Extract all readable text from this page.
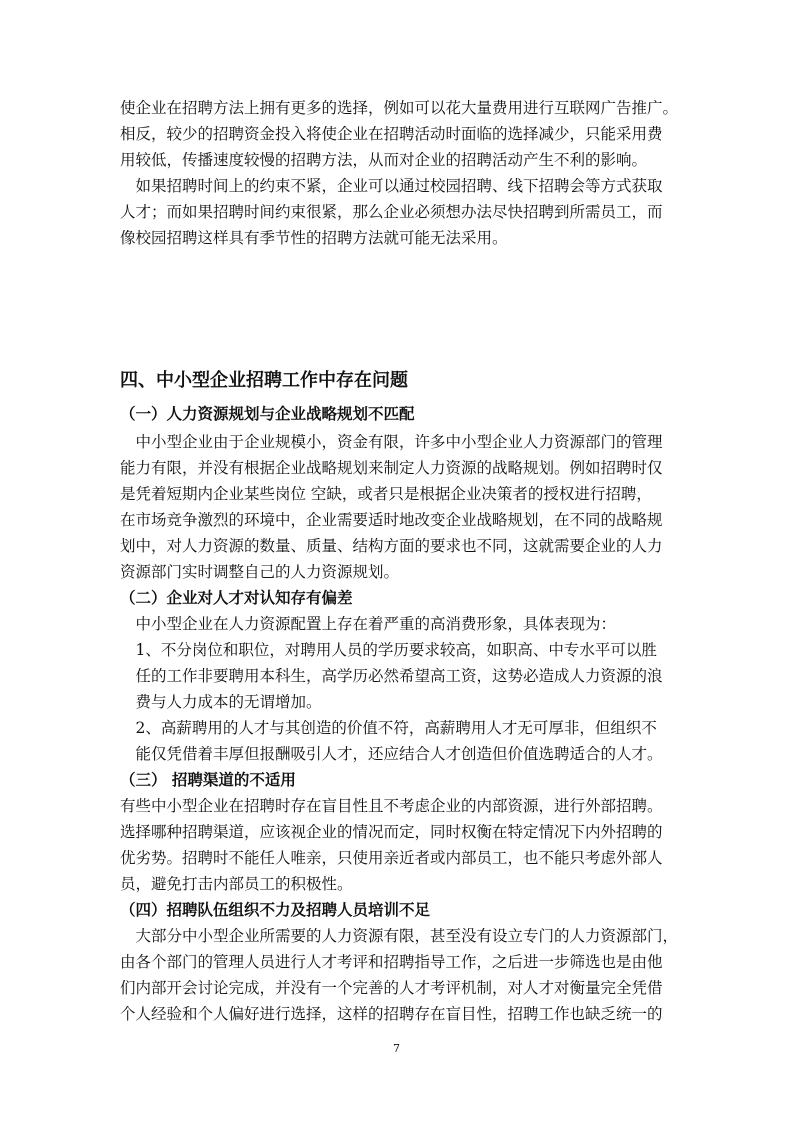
使企业在招聘方法上拥有更多的选择，例如可以花大量费用进行互联网广告推广。
相反，较少的招聘资金投入将使企业在招聘活动时面临的选择减少，只能采用费
用较低，传播速度较慢的招聘方法，从而对企业的招聘活动产生不利的影响。
　如果招聘时间上的约束不紧，企业可以通过校园招聘、线下招聘会等方式获取
人才；而如果招聘时间约束很紧，那么企业必须想办法尽快招聘到所需员工，而
像校园招聘这样具有季节性的招聘方法就可能无法采用。
四、中小型企业招聘工作中存在问题
（一）人力资源规划与企业战略规划不匹配
　中小型企业由于企业规模小，资金有限，许多中小型企业人力资源部门的管理
能力有限，并没有根据企业战略规划来制定人力资源的战略规划。例如招聘时仅
是凭着短期内企业某些岗位 空缺，或者只是根据企业决策者的授权进行招聘，
在市场竞争激烈的环境中，企业需要适时地改变企业战略规划，在不同的战略规
划中，对人力资源的数量、质量、结构方面的要求也不同，这就需要企业的人力
资源部门实时调整自己的人力资源规划。
（二）企业对人才对认知存有偏差
　中小型企业在人力资源配置上存在着严重的高消费形象，具体表现为：
　1、不分岗位和职位，对聘用人员的学历要求较高，如职高、中专水平可以胜
　任的工作非要聘用本科生，高学历必然希望高工资，这势必造成人力资源的浪
　费与人力成本的无谓增加。
　2、高薪聘用的人才与其创造的价值不符，高薪聘用人才无可厚非，但组织不
　能仅凭借着丰厚但报酬吸引人才，还应结合人才创造但价值选聘适合的人才。
（三） 招聘渠道的不适用
有些中小型企业在招聘时存在盲目性且不考虑企业的内部资源，进行外部招聘。
选择哪种招聘渠道，应该视企业的情况而定，同时权衡在特定情况下内外招聘的
优劣势。招聘时不能任人唯亲，只使用亲近者或内部员工，也不能只考虑外部人
员，避免打击内部员工的积极性。
（四）招聘队伍组织不力及招聘人员培训不足
　大部分中小型企业所需要的人力资源有限，甚至没有设立专门的人力资源部门，
由各个部门的管理人员进行人才考评和招聘指导工作，之后进一步筛选也是由他
们内部开会讨论完成，并没有一个完善的人才考评机制，对人才对衡量完全凭借
个人经验和个人偏好进行选择，这样的招聘存在盲目性，招聘工作也缺乏统一的
7
